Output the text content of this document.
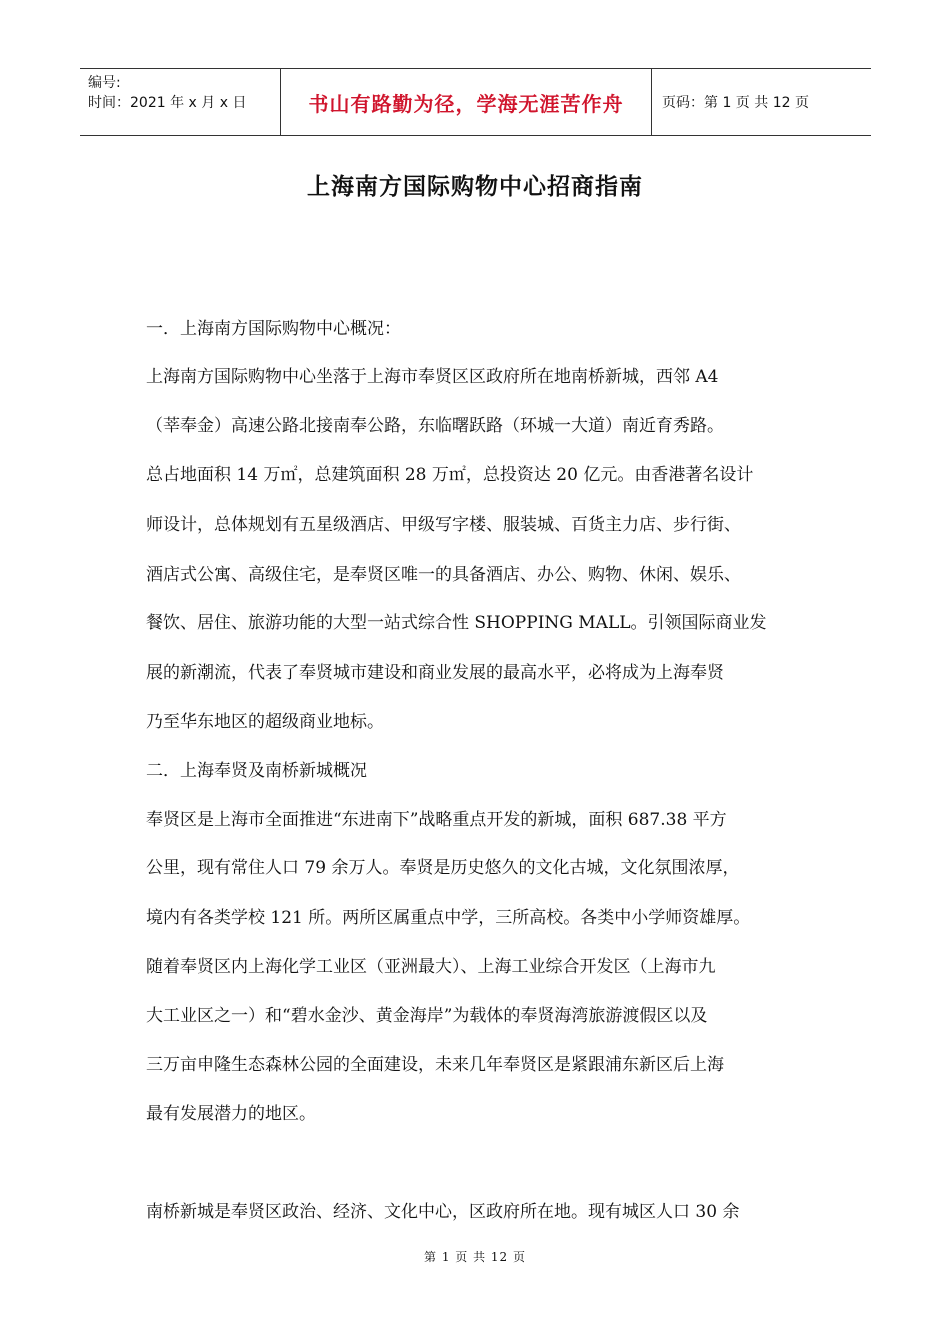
编号:
时间：2021 年 x 月 x 日	书山有路勤为径，学海无涯苦作舟	页码：第 1 页 共 12 页
上海南方国际购物中心招商指南
一．上海南方国际购物中心概况：
上海南方国际购物中心坐落于上海市奉贤区区政府所在地南桥新城，西邻 A4
（莘奉金）高速公路北接南奉公路，东临曙跃路（环城一大道）南近育秀路。
总占地面积 14 万㎡，总建筑面积 28 万㎡，总投资达 20 亿元。由香港著名设计
师设计，总体规划有五星级酒店、甲级写字楼、服装城、百货主力店、步行街、
酒店式公寓、高级住宅，是奉贤区唯一的具备酒店、办公、购物、休闲、娱乐、
餐饮、居住、旅游功能的大型一站式综合性 SHOPPING MALL。引领国际商业发
展的新潮流，代表了奉贤城市建设和商业发展的最高水平，必将成为上海奉贤
乃至华东地区的超级商业地标。
二．上海奉贤及南桥新城概况
奉贤区是上海市全面推进“东进南下”战略重点开发的新城，面积 687.38 平方
公里，现有常住人口 79 余万人。奉贤是历史悠久的文化古城，文化氛围浓厚，
境内有各类学校 121 所。两所区属重点中学，三所高校。各类中小学师资雄厚。
随着奉贤区内上海化学工业区（亚洲最大）、上海工业综合开发区（上海市九
大工业区之一）和“碧水金沙、黄金海岸”为载体的奉贤海湾旅游渡假区以及
三万亩申隆生态森林公园的全面建设，未来几年奉贤区是紧跟浦东新区后上海
最有发展潜力的地区。
南桥新城是奉贤区政治、经济、文化中心，区政府所在地。现有城区人口 30 余
第 1 页 共 12 页
